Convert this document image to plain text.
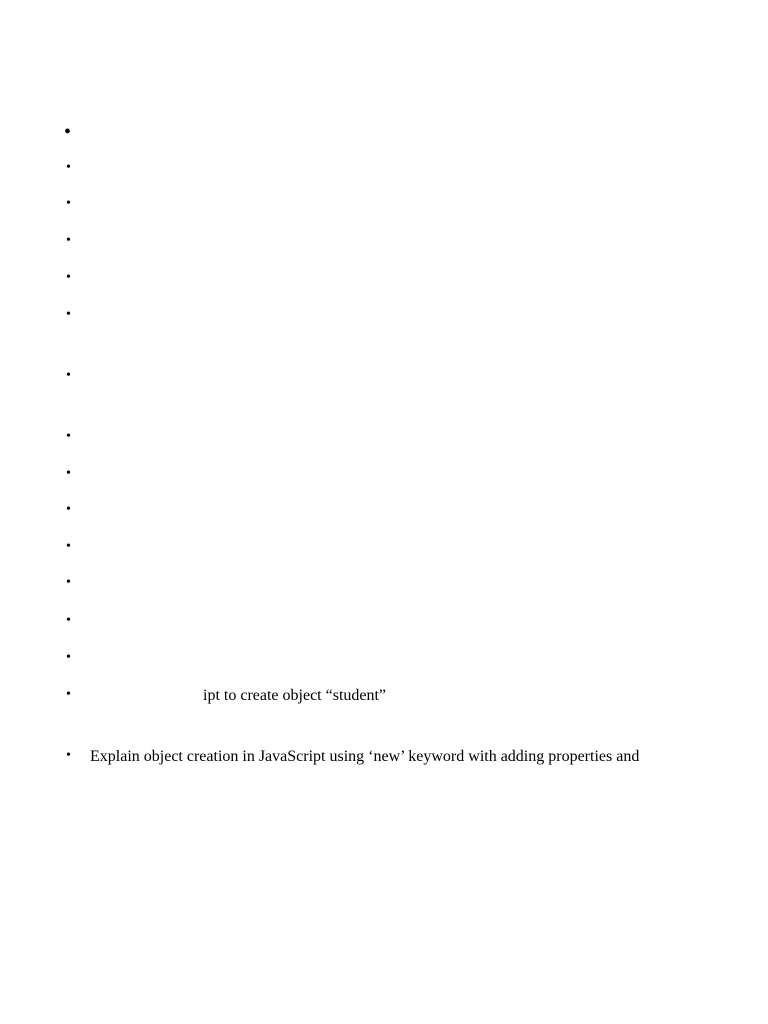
•
•
•
•
•
•
•
•
•
•
•
•
•
•
•	ipt to create object “student”
• Explain object creation in JavaScript using ‘new’ keyword with adding properties and
